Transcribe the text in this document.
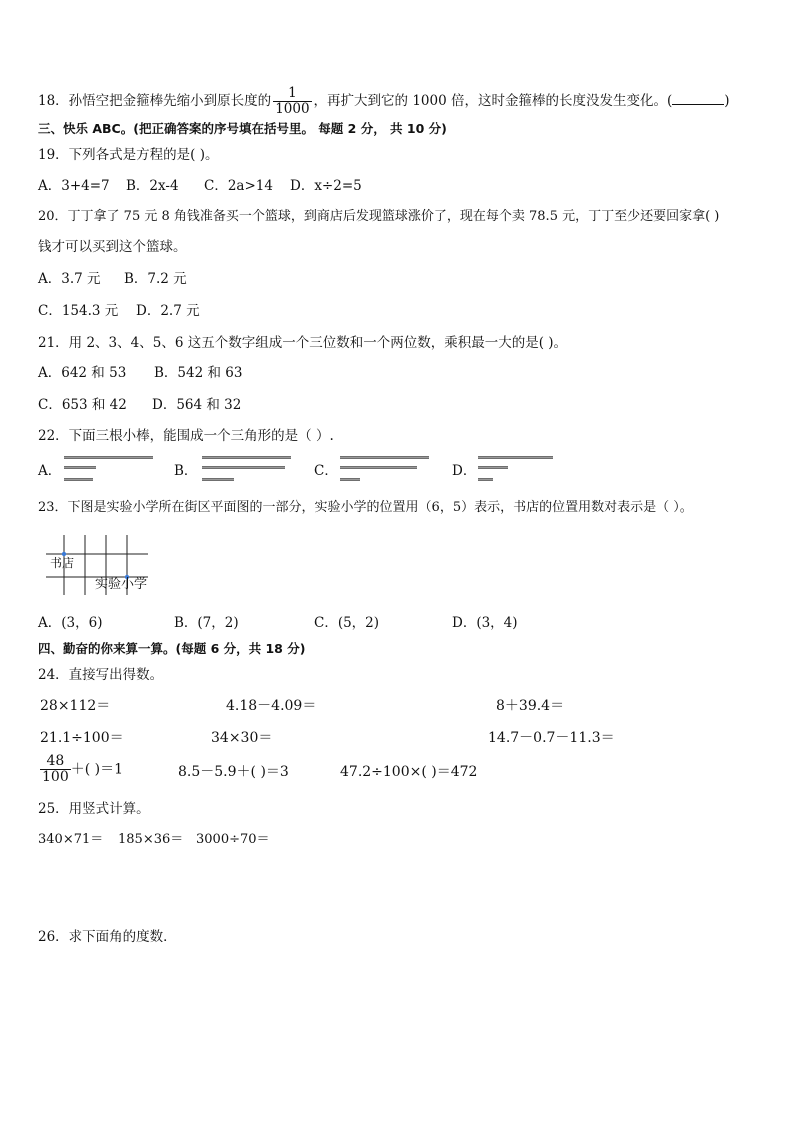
18．孙悟空把金箍棒先缩小到原长度的 $\frac{1}{1000}$ ，再扩大到它的 1000 倍，这时金箍棒的长度没发生变化。(	)
三、快乐 ABC。(把正确答案的序号填在括号里。 每题 2 分， 共 10 分)
19．下列各式是方程的是( )。
A．3+4=7 B．2x-4 C．2a>14 D．x÷2=5
20．丁丁拿了 75 元 8 角钱准备买一个篮球，到商店后发现篮球涨价了，现在每个卖 78.5 元，丁丁至少还要回家拿( )
钱才可以买到这个篮球。
A．3.7 元 B．7.2 元
C．154.3 元 D．2.7 元
21．用 2、3、4、5、6 这五个数字组成一个三位数和一个两位数，乘积最一大的是( )。
A．642 和 53 B．542 和 63
C．653 和 42 D．564 和 32
22．下面三根小棒，能围成一个三角形的是（ ）.
A．	B．	C．	D．
23．下图是实验小学所在街区平面图的一部分，实验小学的位置用（6，5）表示，书店的位置用数对表示是（ ）。
书店
实验小学
A．(3，6)	B．(7，2)	C．(5，2)	D．(3，4)
四、勤奋的你来算一算。(每题 6 分，共 18 分)
24．直接写出得数。
28×112＝	4.18－4.09＝	8＋39.4＝
21.1÷100＝	34×30＝	14.7－0.7－11.3＝
$\frac{48}{100}$ ＋( )＝1	8.5－5.9＋( )＝3	47.2÷100×( )＝472
25．用竖式计算。
340×71＝ 185×36＝ 3000÷70＝
26．求下面角的度数．
